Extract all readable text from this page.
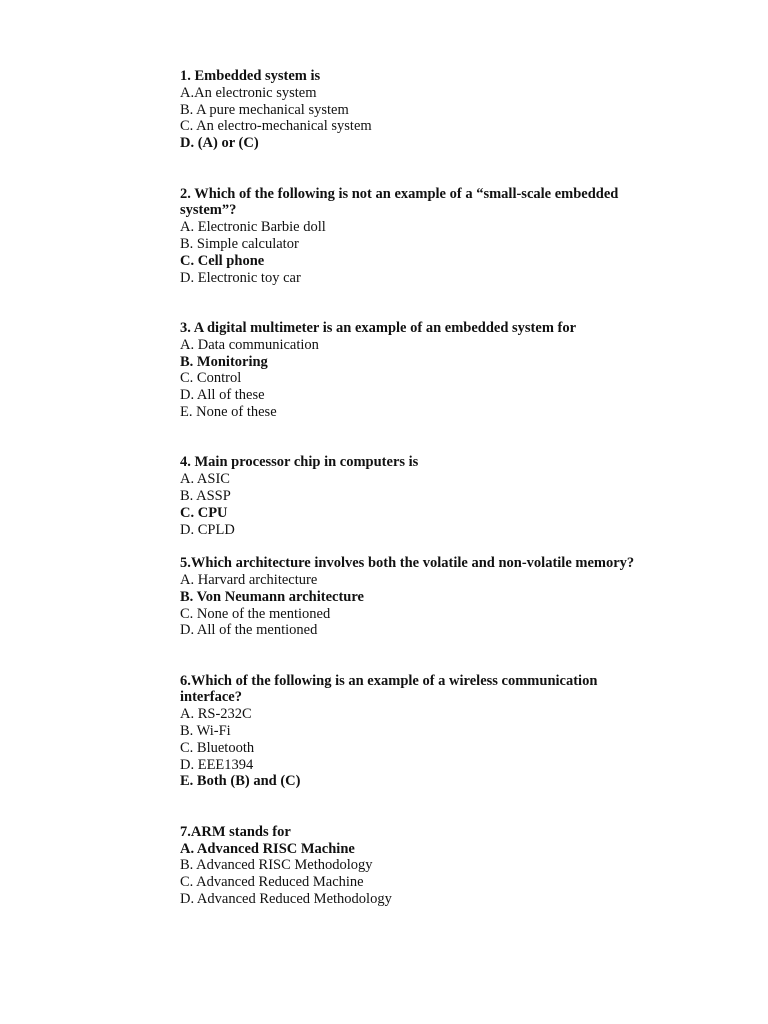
1. Embedded system is
A.An electronic system
B. A pure mechanical system
C. An electro-mechanical system
D. (A) or (C)
2. Which of the following is not an example of a “small-scale embedded system”?
A. Electronic Barbie doll
B. Simple calculator
C. Cell phone
D. Electronic toy car
3. A digital multimeter is an example of an embedded system for
A. Data communication
B. Monitoring
C. Control
D. All of these
E. None of these
4. Main processor chip in computers is
A. ASIC
B. ASSP
C. CPU
D. CPLD
5.Which architecture involves both the volatile and non-volatile memory?
A. Harvard architecture
B. Von Neumann architecture
C. None of the mentioned
D. All of the mentioned
6.Which of the following is an example of a wireless communication interface?
A. RS-232C
B. Wi-Fi
C. Bluetooth
D. EEE1394
E. Both (B) and (C)
7.ARM stands for
A. Advanced RISC Machine
B. Advanced RISC Methodology
C. Advanced Reduced Machine
D. Advanced Reduced Methodology
